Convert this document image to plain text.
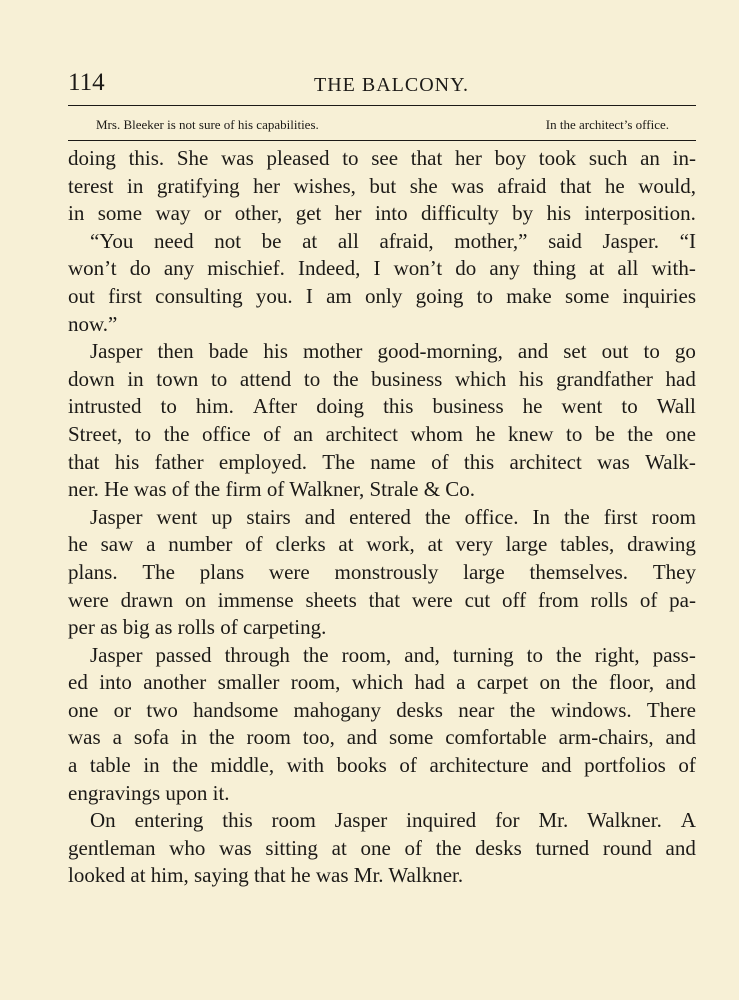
114	THE BALCONY.
Mrs. Bleeker is not sure of his capabilities.	In the architect’s office.
doing this. She was pleased to see that her boy took such an in-
terest in gratifying her wishes, but she was afraid that he would,
in some way or other, get her into difficulty by his interposition.
“You need not be at all afraid, mother,” said Jasper. “I
won’t do any mischief. Indeed, I won’t do any thing at all with-
out first consulting you. I am only going to make some inquiries
now.”
Jasper then bade his mother good-morning, and set out to go
down in town to attend to the business which his grandfather had
intrusted to him. After doing this business he went to Wall
Street, to the office of an architect whom he knew to be the one
that his father employed. The name of this architect was Walk-
ner. He was of the firm of Walkner, Strale & Co.
Jasper went up stairs and entered the office. In the first room
he saw a number of clerks at work, at very large tables, drawing
plans. The plans were monstrously large themselves. They
were drawn on immense sheets that were cut off from rolls of pa-
per as big as rolls of carpeting.
Jasper passed through the room, and, turning to the right, pass-
ed into another smaller room, which had a carpet on the floor, and
one or two handsome mahogany desks near the windows. There
was a sofa in the room too, and some comfortable arm-chairs, and
a table in the middle, with books of architecture and portfolios of
engravings upon it.
On entering this room Jasper inquired for Mr. Walkner. A
gentleman who was sitting at one of the desks turned round and
looked at him, saying that he was Mr. Walkner.
